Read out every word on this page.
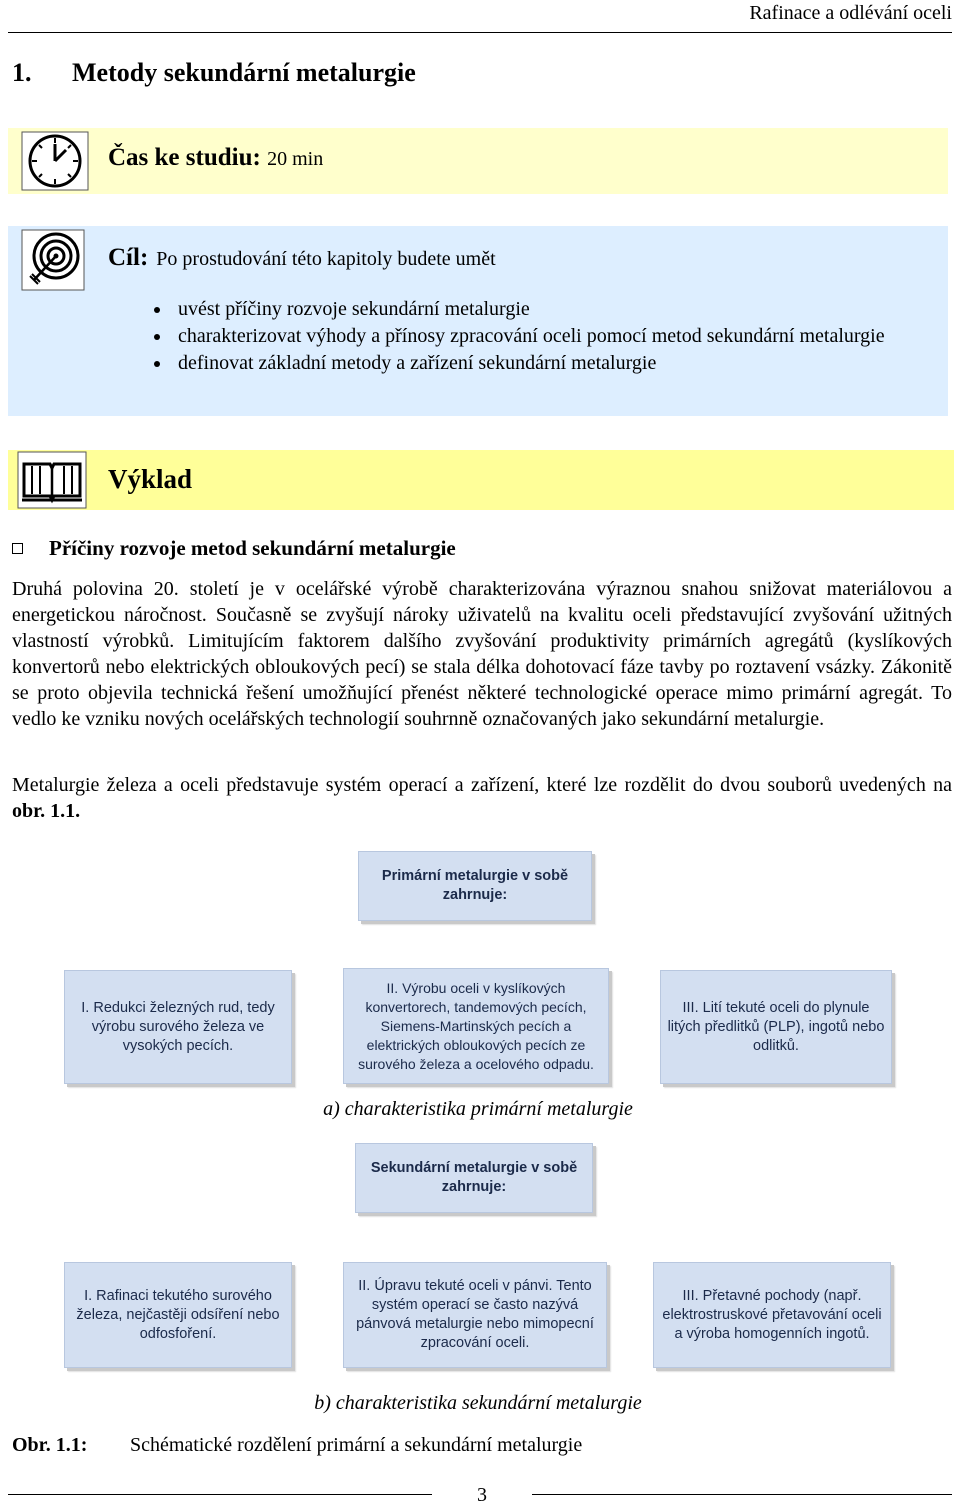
Rafinace a odlévání oceli
1. Metody sekundární metalurgie
Čas ke studiu: 20 min
Cíl: Po prostudování této kapitoly budete umět
uvést příčiny rozvoje sekundární metalurgie
charakterizovat výhody a přínosy zpracování oceli pomocí metod sekundární metalurgie
definovat základní metody a zařízení sekundární metalurgie
Výklad
Příčiny rozvoje metod sekundární metalurgie
Druhá polovina 20. století je v ocelářské výrobě charakterizována výraznou snahou snižovat materiálovou a energetickou náročnost. Současně se zvyšují nároky uživatelů na kvalitu oceli představující zvyšování užitných vlastností výrobků. Limitujícím faktorem dalšího zvyšování produktivity primárních agregátů (kyslíkových konvertorů nebo elektrických obloukových pecí) se stala délka dohotovací fáze tavby po roztavení vsázky. Zákonitě se proto objevila technická řešení umožňující přenést některé technologické operace mimo primární agregát. To vedlo ke vzniku nových ocelářských technologií souhrnně označovaných jako sekundární metalurgie.
Metalurgie železa a oceli představuje systém operací a zařízení, které lze rozdělit do dvou souborů uvedených na obr. 1.1.
Primární metalurgie v sobě zahrnuje:
I. Redukci železných rud, tedy výrobu surového železa ve vysokých pecích.
II. Výrobu oceli v kyslíkových konvertorech, tandemových pecích, Siemens-Martinských pecích a elektrických obloukových pecích ze surového železa a ocelového odpadu.
III. Lití tekuté oceli do plynule litých předlitků (PLP), ingotů nebo odlitků.
a) charakteristika primární metalurgie
Sekundární metalurgie v sobě zahrnuje:
I. Rafinaci tekutého surového železa, nejčastěji odsíření nebo odfosfoření.
II. Úpravu tekuté oceli v pánvi. Tento systém operací se často nazývá pánvová metalurgie nebo mimopecní zpracování oceli.
III. Přetavné pochody (např. elektrostruskové přetavování oceli a výroba homogenních ingotů.
b) charakteristika sekundární metalurgie
Obr. 1.1: Schématické rozdělení primární a sekundární metalurgie
3
